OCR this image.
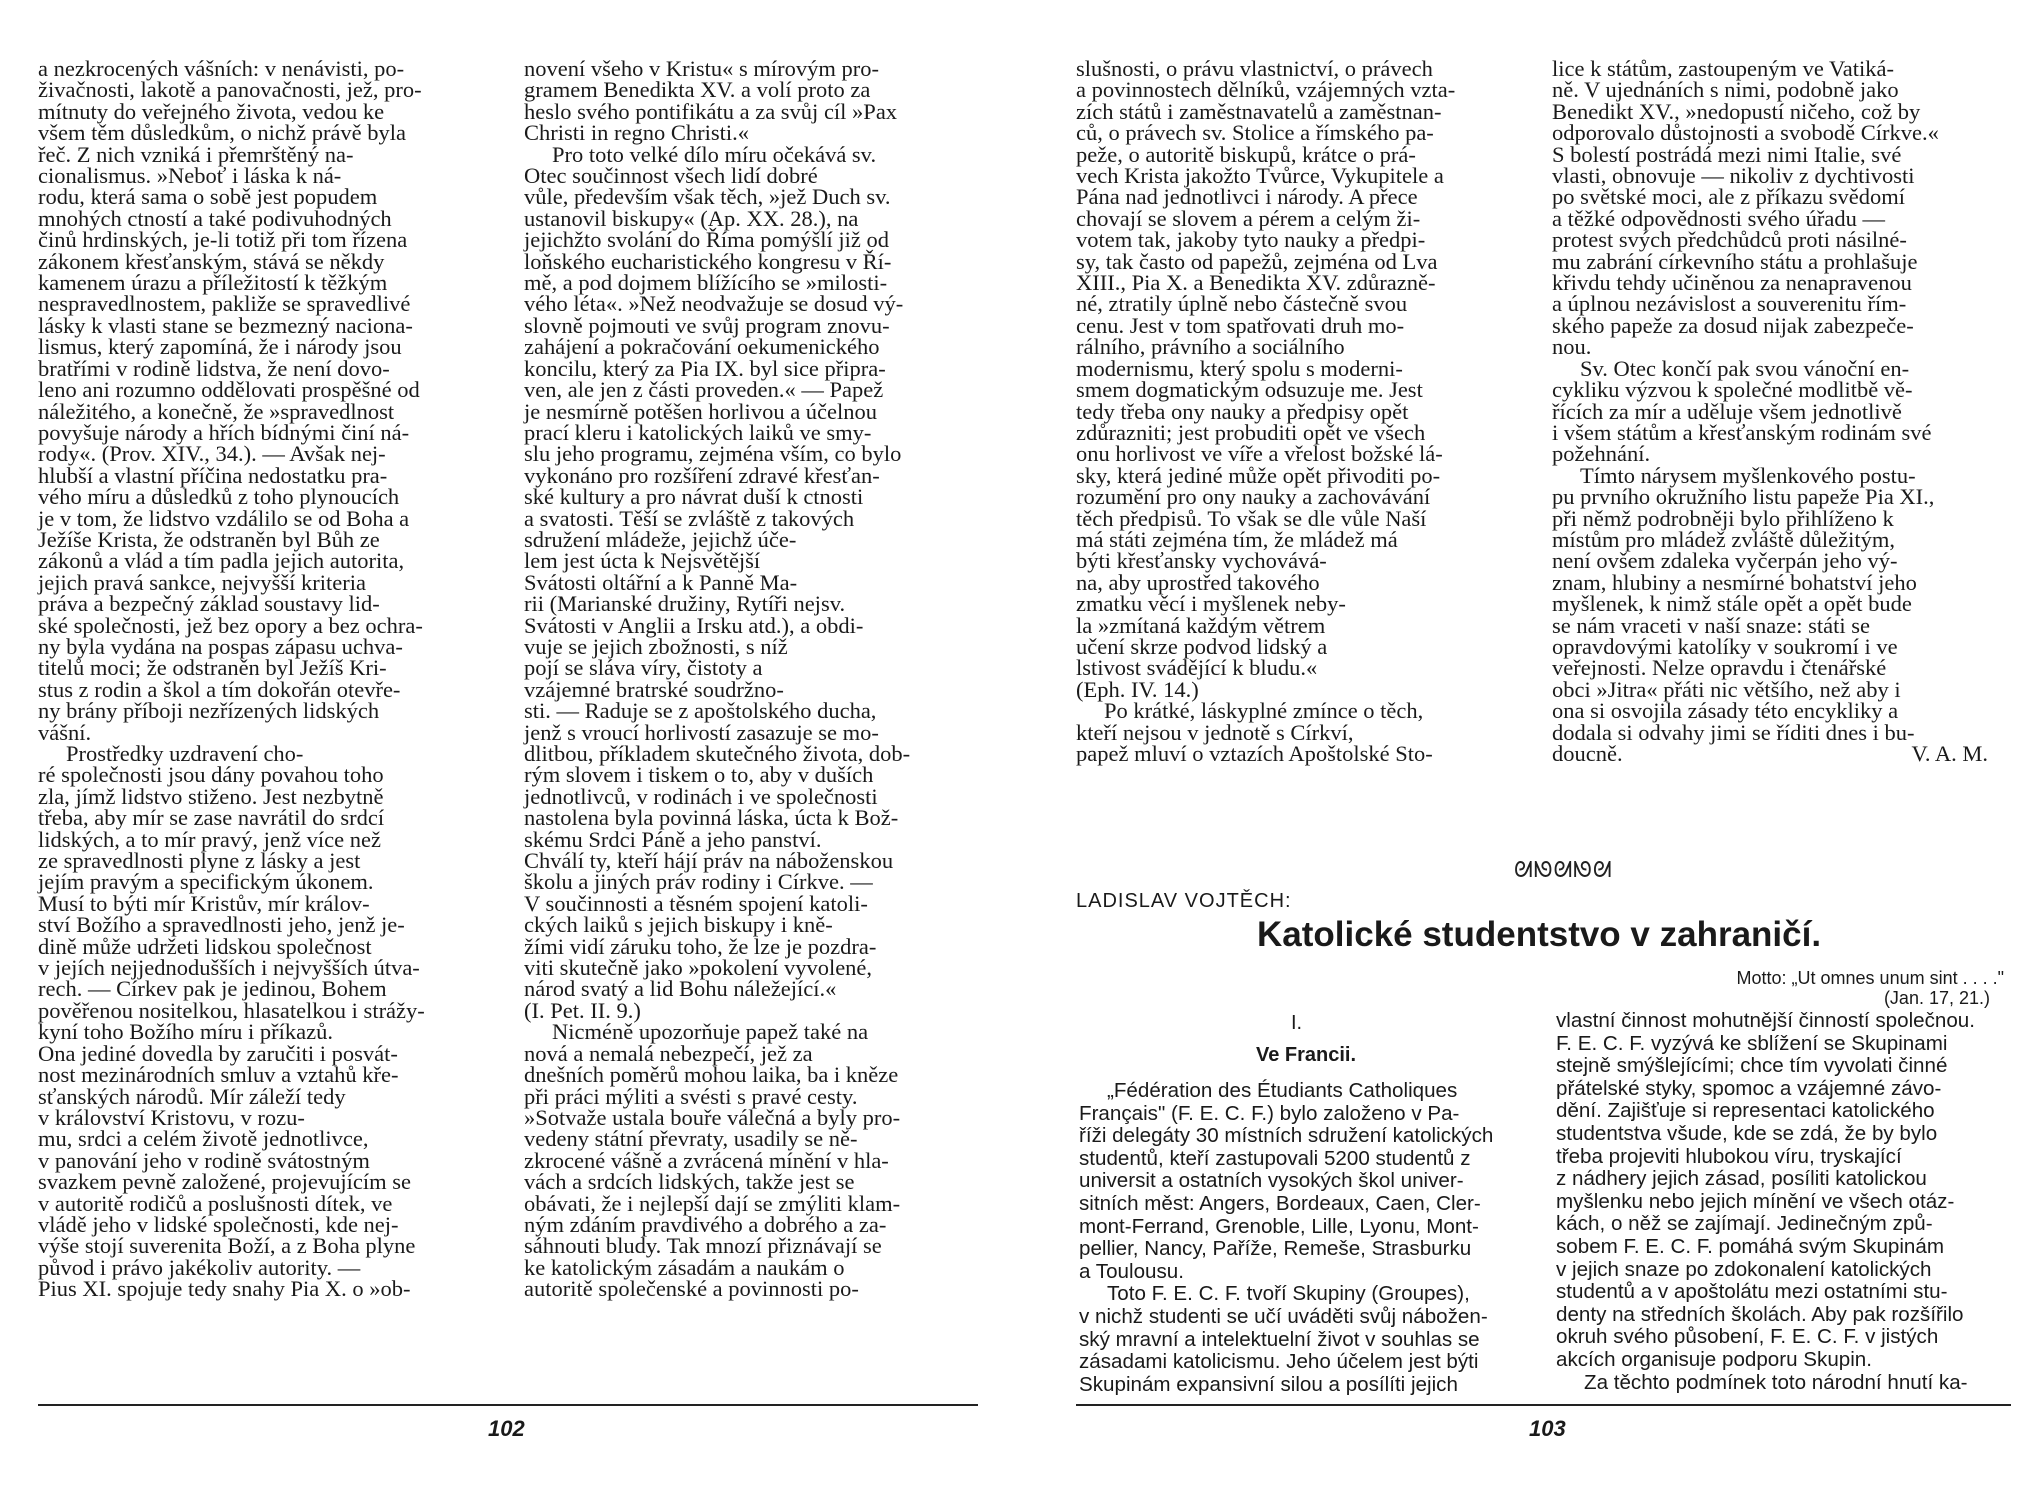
a nezkrocených vášních: v nenávisti, po-
živačnosti, lakotě a panovačnosti, jež, pro-
mítnuty do veřejného života, vedou ke
všem těm důsledkům, o nichž právě byla
řeč. Z nich vzniká i přemrštěný na-
cionalismus. »Neboť i láska k ná-
rodu, která sama o sobě jest popudem
mnohých ctností a také podivuhodných
činů hrdinských, je-li totiž při tom řízena
zákonem křesťanským, stává se někdy
kamenem úrazu a příležitostí k těžkým
nespravedlnostem, pakliže se spravedlivé
lásky k vlasti stane se bezmezný naciona-
lismus, který zapomíná, že i národy jsou
bratřími v rodině lidstva, že není dovo-
leno ani rozumno oddělovati prospěšné od
náležitého, a konečně, že »spravedlnost
povyšuje národy a hřích bídnými činí ná-
rody«. (Prov. XIV., 34.). — Avšak nej-
hlubší a vlastní příčina nedostatku pra-
vého míru a důsledků z toho plynoucích
je v tom, že lidstvo vzdálilo se od Boha a
Ježíše Krista, že odstraněn byl Bůh ze
zákonů a vlád a tím padla jejich autorita,
jejich pravá sankce, nejvyšší kriteria
práva a bezpečný základ soustavy lid-
ské společnosti, jež bez opory a bez ochra-
ny byla vydána na pospas zápasu uchva-
titelů moci; že odstraněn byl Ježíš Kri-
stus z rodin a škol a tím dokořán otevře-
ny brány příboji nezřízených lidských
vášní.

Prostředky uzdravení cho-
ré společnosti jsou dány povahou toho
zla, jímž lidstvo stiženo. Jest nezbytně
třeba, aby mír se zase navrátil do srdcí
lidských, a to mír pravý, jenž více než
ze spravedlnosti plyne z lásky a jest
jejím pravým a specifickým úkonem.
Musí to býti mír Kristův, mír králov-
ství Božího a spravedlnosti jeho, jenž je-
dině může udržeti lidskou společnost
v jejích nejjednodušších i nejvyšších útva-
rech. — Církev pak je jedinou, Bohem
pověřenou nositelkou, hlasatelkou i strážy-
kyní toho Božího míru i příkazů.
Ona jediné dovedla by zaručiti i posvát-
nost mezinárodních smluv a vztahů kře-
sťanských národů. Mír záleží tedy
v království Kristovu, v rozu-
mu, srdci a celém životě jednotlivce,
v panování jeho v rodině svátostným
svazkem pevně založené, projevujícím se
v autoritě rodičů a poslušnosti dítek, ve
vládě jeho v lidské společnosti, kde nej-
výše stojí suverenita Boží, a z Boha plyne
původ i právo jakékoliv autority. —
Pius XI. spojuje tedy snahy Pia X. o »ob-

novení všeho v Kristu« s mírovým pro-
gramem Benedikta XV. a volí proto za
heslo svého pontifikátu a za svůj cíl »Pax
Christi in regno Christi.«

Pro toto velké dílo míru očekává sv.
Otec součinnost všech lidí dobré
vůle, především však těch, »jež Duch sv.
ustanovil biskupy« (Ap. XX. 28.), na
jejichžto svolání do Říma pomýšlí již od
loňského eucharistického kongresu v Ří-
mě, a pod dojmem blížícího se »milosti-
vého léta«. »Než neodvažuje se dosud vý-
slovně pojmouti ve svůj program znovu-
zahájení a pokračování oekumenického
koncilu, který za Pia IX. byl sice připra-
ven, ale jen z části proveden.« — Papež
je nesmírně potěšen horlivou a účelnou
prací kleru i katolických laiků ve smy-
slu jeho programu, zejména vším, co bylo
vykonáno pro rozšíření zdravé křesťan-
ské kultury a pro návrat duší k ctnosti
a svatosti. Těší se zvláště z takových
sdružení mládeže, jejichž úče-
lem jest úcta k Nejsvětější
Svátosti oltářní a k Panně Ma-
rii (Marianské družiny, Rytíři nejsv.
Svátosti v Anglii a Irsku atd.), a obdi-
vuje se jejich zbožnosti, s níž
pojí se sláva víry, čistoty a
vzájemné bratrské soudržno-
sti. — Raduje se z apoštolského ducha,
jenž s vroucí horlivostí zasazuje se mo-
dlitbou, příkladem skutečného života, dob-
rým slovem i tiskem o to, aby v duších
jednotlivců, v rodinách i ve společnosti
nastolena byla povinná láska, úcta k Bož-
skému Srdci Páně a jeho panství.
Chválí ty, kteří hájí práv na náboženskou
školu a jiných práv rodiny i Církve. —
V součinnosti a těsném spojení katoli-
ckých laiků s jejich biskupy i kně-
žími vidí záruku toho, že lze je pozdra-
viti skutečně jako »pokolení vyvolené,
národ svatý a lid Bohu náležející.«
(I. Pet. II. 9.)

Nicméně upozorňuje papež také na
nová a nemalá nebezpečí, jež za
dnešních poměrů mohou laika, ba i kněze
při práci mýliti a svésti s pravé cesty.
»Sotvaže ustala bouře válečná a byly pro-
vedeny státní převraty, usadily se ně-
zkrocené vášně a zvrácená mínění v hla-
vách a srdcích lidských, takže jest se
obávati, že i nejlepší dají se zmýliti klam-
ným zdáním pravdivého a dobrého a za-
sáhnouti bludy. Tak mnozí přiznávají se
ke katolickým zásadám a naukám o
autoritě společenské a povinnosti po-

102

slušnosti, o právu vlastnictví, o právech
a povinnostech dělníků, vzájemných vzta-
zích států i zaměstnavatelů a zaměstnan-
ců, o právech sv. Stolice a římského pa-
peže, o autoritě biskupů, krátce o prá-
vech Krista jakožto Tvůrce, Vykupitele a
Pána nad jednotlivci i národy. A přece
chovají se slovem a pérem a celým ži-
votem tak, jakoby tyto nauky a předpi-
sy, tak často od papežů, zejména od Lva
XIII., Pia X. a Benedikta XV. zdůrazně-
né, ztratily úplně nebo částečně svou
cenu. Jest v tom spatřovati druh mo-
rálního, právního a sociálního
modernismu, který spolu s moderni-
smem dogmatickým odsuzuje me. Jest
tedy třeba ony nauky a předpisy opět
zdůrazniti; jest probuditi opět ve všech
onu horlivost ve víře a vřelost božské lá-
sky, která jediné může opět přivoditi po-
rozumění pro ony nauky a zachovávání
těch předpisů. To však se dle vůle Naší
má státi zejména tím, že mládež má
býti křesťansky vychovává-
na, aby uprostřed takového
zmatku věcí i myšlenek neby-
la »zmítaná každým větrem
učení skrze podvod lidský a
lstivost svádějící k bludu.«
(Eph. IV. 14.)

Po krátké, láskyplné zmínce o těch,
kteří nejsou v jednotě s Církví,
papež mluví o vztazích Apoštolské Sto-

lice k státům, zastoupeným ve Vatiká-
ně. V ujednáních s nimi, podobně jako
Benedikt XV., »nedopustí ničeho, což by
odporovalo důstojnosti a svobodě Církve.«
S bolestí postrádá mezi nimi Italie, své
vlasti, obnovuje — nikoliv z dychtivosti
po světské moci, ale z příkazu svědomí
a těžké odpovědnosti svého úřadu —
protest svých předchůdců proti násilné-
mu zabrání církevního státu a prohlašuje
křivdu tehdy učiněnou za nenapravenou
a úplnou nezávislost a souverenitu řím-
ského papeže za dosud nijak zabezpeče-
nou.

Sv. Otec končí pak svou vánoční en-
cykliku výzvou k společné modlitbě vě-
řících za mír a uděluje všem jednotlivě
i všem státům a křesťanským rodinám své
požehnání.

Tímto nárysem myšlenkového postu-
pu prvního okružního listu papeže Pia XI.,
při němž podrobněji bylo přihlíženo k
místům pro mládež zvláště důležitým,
není ovšem zdaleka vyčerpán jeho vý-
znam, hlubiny a nesmírné bohatství jeho
myšlenek, k nimž stále opět a opět bude
se nám vraceti v naší snaze: státi se
opravdovými katolíky v soukromí i ve
veřejnosti. Nelze opravdu i čtenářské
obci »Jitra« přáti nic většího, než aby i
ona si osvojila zásady této encykliky a
dodala si odvahy jimi se říditi dnes i bu-
doucně.	V. A. M.
ᘛᘚᘛᘚᘛ
LADISLAV VOJTĚCH:
Katolické studentstvo v zahraničí.
Motto: „Ut omnes unum sint . . . ."
(Jan. 17, 21.)
I.
Ve Francii.

„Fédération des Étudiants Catholiques
Français" (F. E. C. F.) bylo založeno v Pa-
říži delegáty 30 místních sdružení katolických
studentů, kteří zastupovali 5200 studentů z
universit a ostatních vysokých škol univer-
sitních měst: Angers, Bordeaux, Caen, Cler-
mont-Ferrand, Grenoble, Lille, Lyonu, Mont-
pellier, Nancy, Paříže, Remeše, Strasburku
a Toulousu.

Toto F. E. C. F. tvoří Skupiny (Groupes),
v nichž studenti se učí uváděti svůj nábožen-
ský mravní a intelektuelní život v souhlas se
zásadami katolicismu. Jeho účelem jest býti
Skupinám expansivní silou a posílíti jejich

vlastní činnost mohutnější činností společnou.
F. E. C. F. vyzývá ke sblížení se Skupinami
stejně smýšlejícími; chce tím vyvolati činné
přátelské styky, spomoc a vzájemné závo-
dění. Zajišťuje si representaci katolického
studentstva všude, kde se zdá, že by bylo
třeba projeviti hlubokou víru, tryskající
z nádhery jejich zásad, posíliti katolickou
myšlenku nebo jejich mínění ve všech otáz-
kách, o něž se zajímají. Jedinečným způ-
sobem F. E. C. F. pomáhá svým Skupinám
v jejich snaze po zdokonalení katolických
studentů a v apoštolátu mezi ostatními stu-
denty na středních školách. Aby pak rozšířilo
okruh svého působení, F. E. C. F. v jistých
akcích organisuje podporu Skupin.

Za těchto podmínek toto národní hnutí ka-

103
